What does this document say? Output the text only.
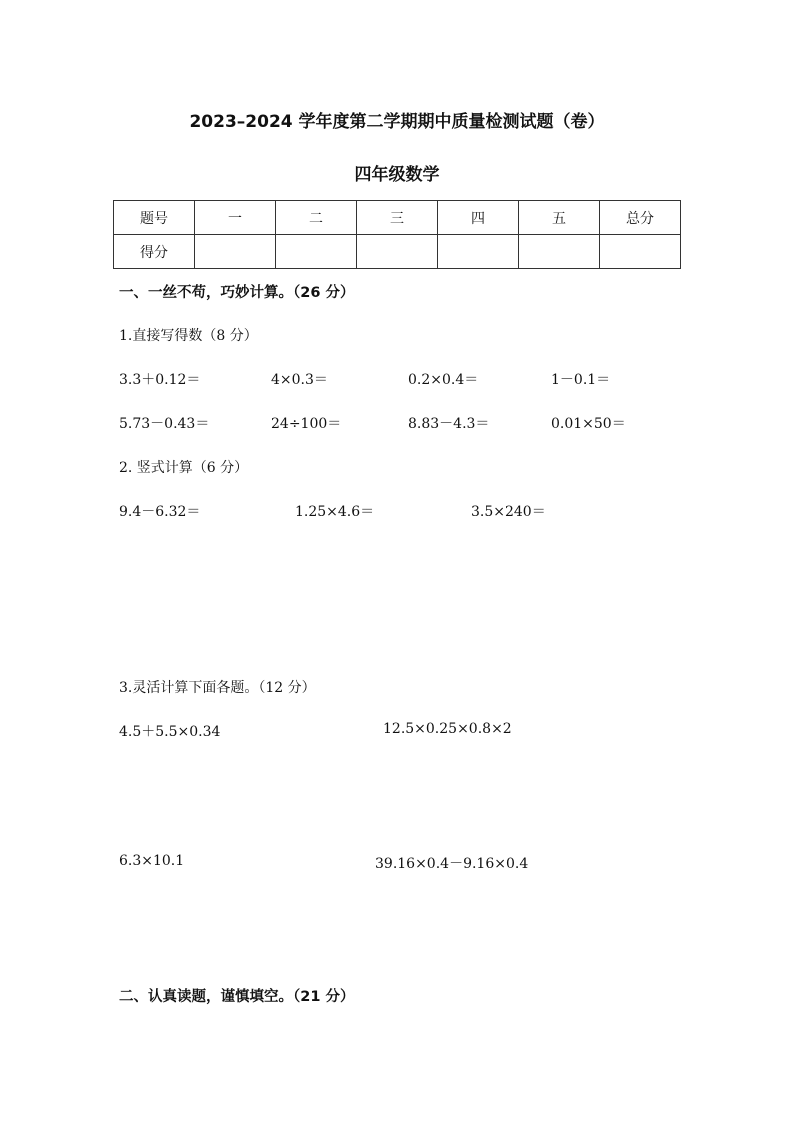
2023–2024 学年度第二学期期中质量检测试题（卷）
四年级数学
题号	一	二	三	四	五	总分
得分						
一、一丝不苟，巧妙计算。（26 分）
1.直接写得数（8 分）
3.3＋0.12＝	4×0.3＝	0.2×0.4＝	1－0.1＝
5.73－0.43＝	24÷100＝	8.83－4.3＝	0.01×50＝
2. 竖式计算（6 分）
9.4－6.32＝	1.25×4.6＝	3.5×240＝
3.灵活计算下面各题。（12 分）
4.5＋5.5×0.34	12.5×0.25×0.8×2
6.3×10.1	39.16×0.4－9.16×0.4
二、认真读题，谨慎填空。（21 分）
